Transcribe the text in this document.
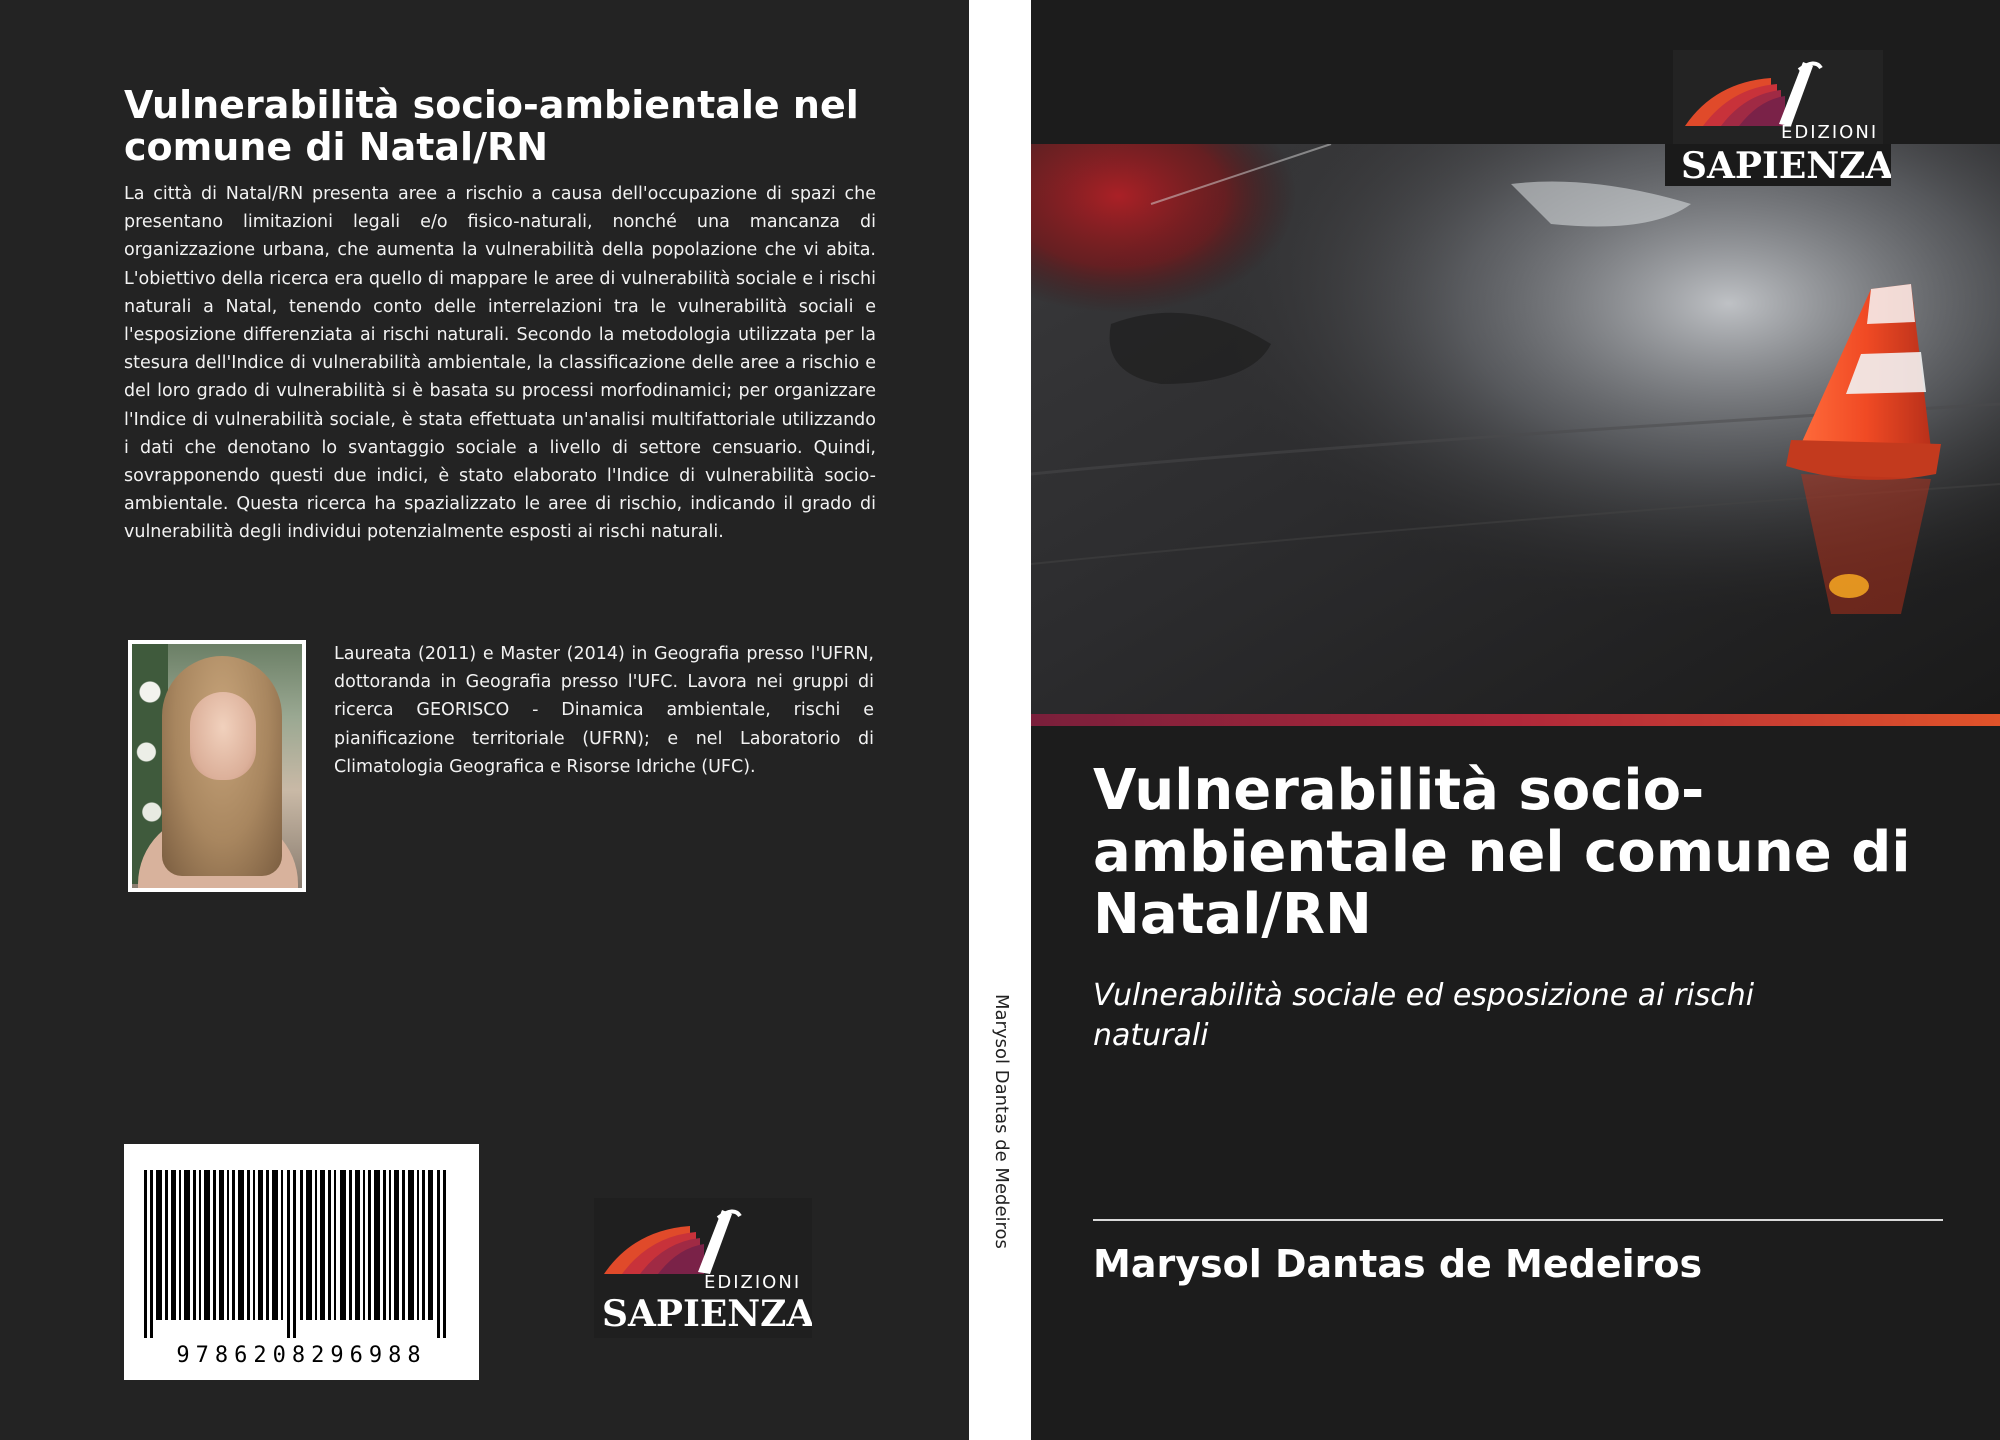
Vulnerabilità socio-ambientale nel comune di Natal/RN

La città di Natal/RN presenta aree a rischio a causa dell'occupazione di spazi che presentano limitazioni legali e/o fisico-naturali, nonché una mancanza di organizzazione urbana, che aumenta la vulnerabilità della popolazione che vi abita. L'obiettivo della ricerca era quello di mappare le aree di vulnerabilità sociale e i rischi naturali a Natal, tenendo conto delle interrelazioni tra le vulnerabilità sociali e l'esposizione differenziata ai rischi naturali. Secondo la metodologia utilizzata per la stesura dell'Indice di vulnerabilità ambientale, la classificazione delle aree a rischio e del loro grado di vulnerabilità si è basata su processi morfodinamici; per organizzare l'Indice di vulnerabilità sociale, è stata effettuata un'analisi multifattoriale utilizzando i dati che denotano lo svantaggio sociale a livello di settore censuario. Quindi, sovrapponendo questi due indici, è stato elaborato l'Indice di vulnerabilità socio-ambientale. Questa ricerca ha spazializzato le aree di rischio, indicando il grado di vulnerabilità degli individui potenzialmente esposti ai rischi naturali.

Laureata (2011) e Master (2014) in Geografia presso l'UFRN, dottoranda in Geografia presso l'UFC. Lavora nei gruppi di ricerca GEORISCO - Dinamica ambientale, rischi e pianificazione territoriale (UFRN); e nel Laboratorio di Climatologia Geografica e Risorse Idriche (UFC).

9786208296988
EDIZIONI
SAPIENZA
Marysol Dantas de Medeiros
EDIZIONI
SAPIENZA
Vulnerabilità socio-ambientale nel comune di Natal/RN

Vulnerabilità sociale ed esposizione ai rischi naturali

Marysol Dantas de Medeiros
